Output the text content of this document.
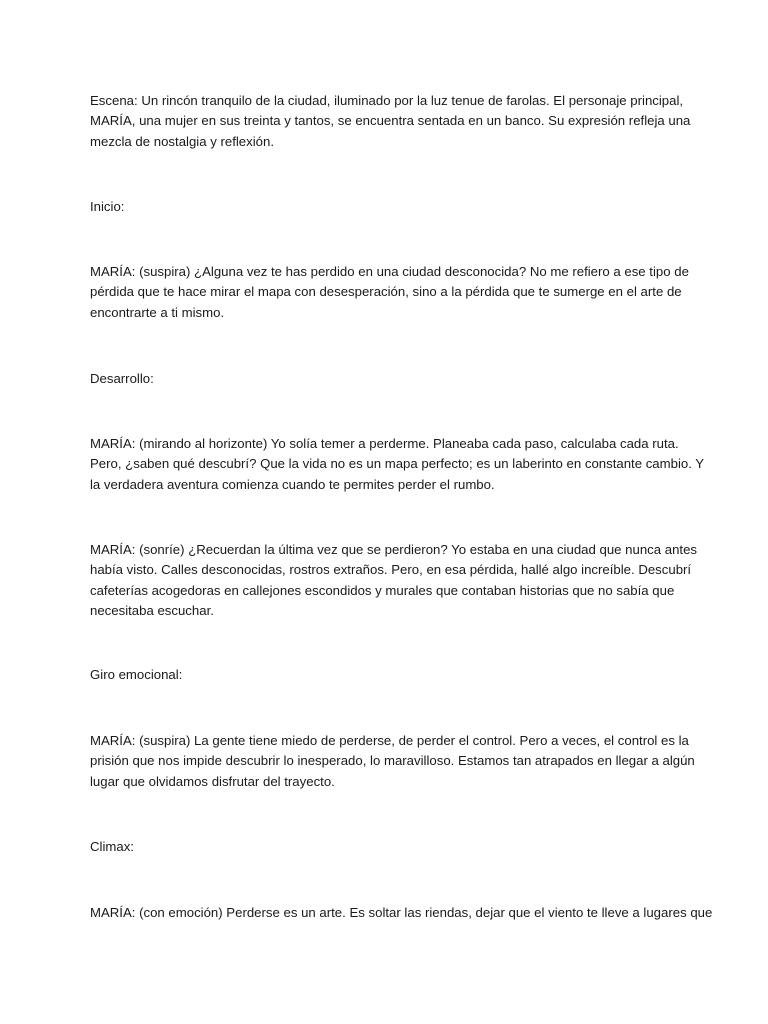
Escena: Un rincón tranquilo de la ciudad, iluminado por la luz tenue de farolas. El personaje principal,
MARÍA, una mujer en sus treinta y tantos, se encuentra sentada en un banco. Su expresión refleja una
mezcla de nostalgia y reflexión.

Inicio:

MARÍA: (suspira) ¿Alguna vez te has perdido en una ciudad desconocida? No me refiero a ese tipo de
pérdida que te hace mirar el mapa con desesperación, sino a la pérdida que te sumerge en el arte de
encontrarte a ti mismo.

Desarrollo:

MARÍA: (mirando al horizonte) Yo solía temer a perderme. Planeaba cada paso, calculaba cada ruta.
Pero, ¿saben qué descubrí? Que la vida no es un mapa perfecto; es un laberinto en constante cambio. Y
la verdadera aventura comienza cuando te permites perder el rumbo.

MARÍA: (sonríe) ¿Recuerdan la última vez que se perdieron? Yo estaba en una ciudad que nunca antes
había visto. Calles desconocidas, rostros extraños. Pero, en esa pérdida, hallé algo increíble. Descubrí
cafeterías acogedoras en callejones escondidos y murales que contaban historias que no sabía que
necesitaba escuchar.

Giro emocional:

MARÍA: (suspira) La gente tiene miedo de perderse, de perder el control. Pero a veces, el control es la
prisión que nos impide descubrir lo inesperado, lo maravilloso. Estamos tan atrapados en llegar a algún
lugar que olvidamos disfrutar del trayecto.

Climax:

MARÍA: (con emoción) Perderse es un arte. Es soltar las riendas, dejar que el viento te lleve a lugares que
